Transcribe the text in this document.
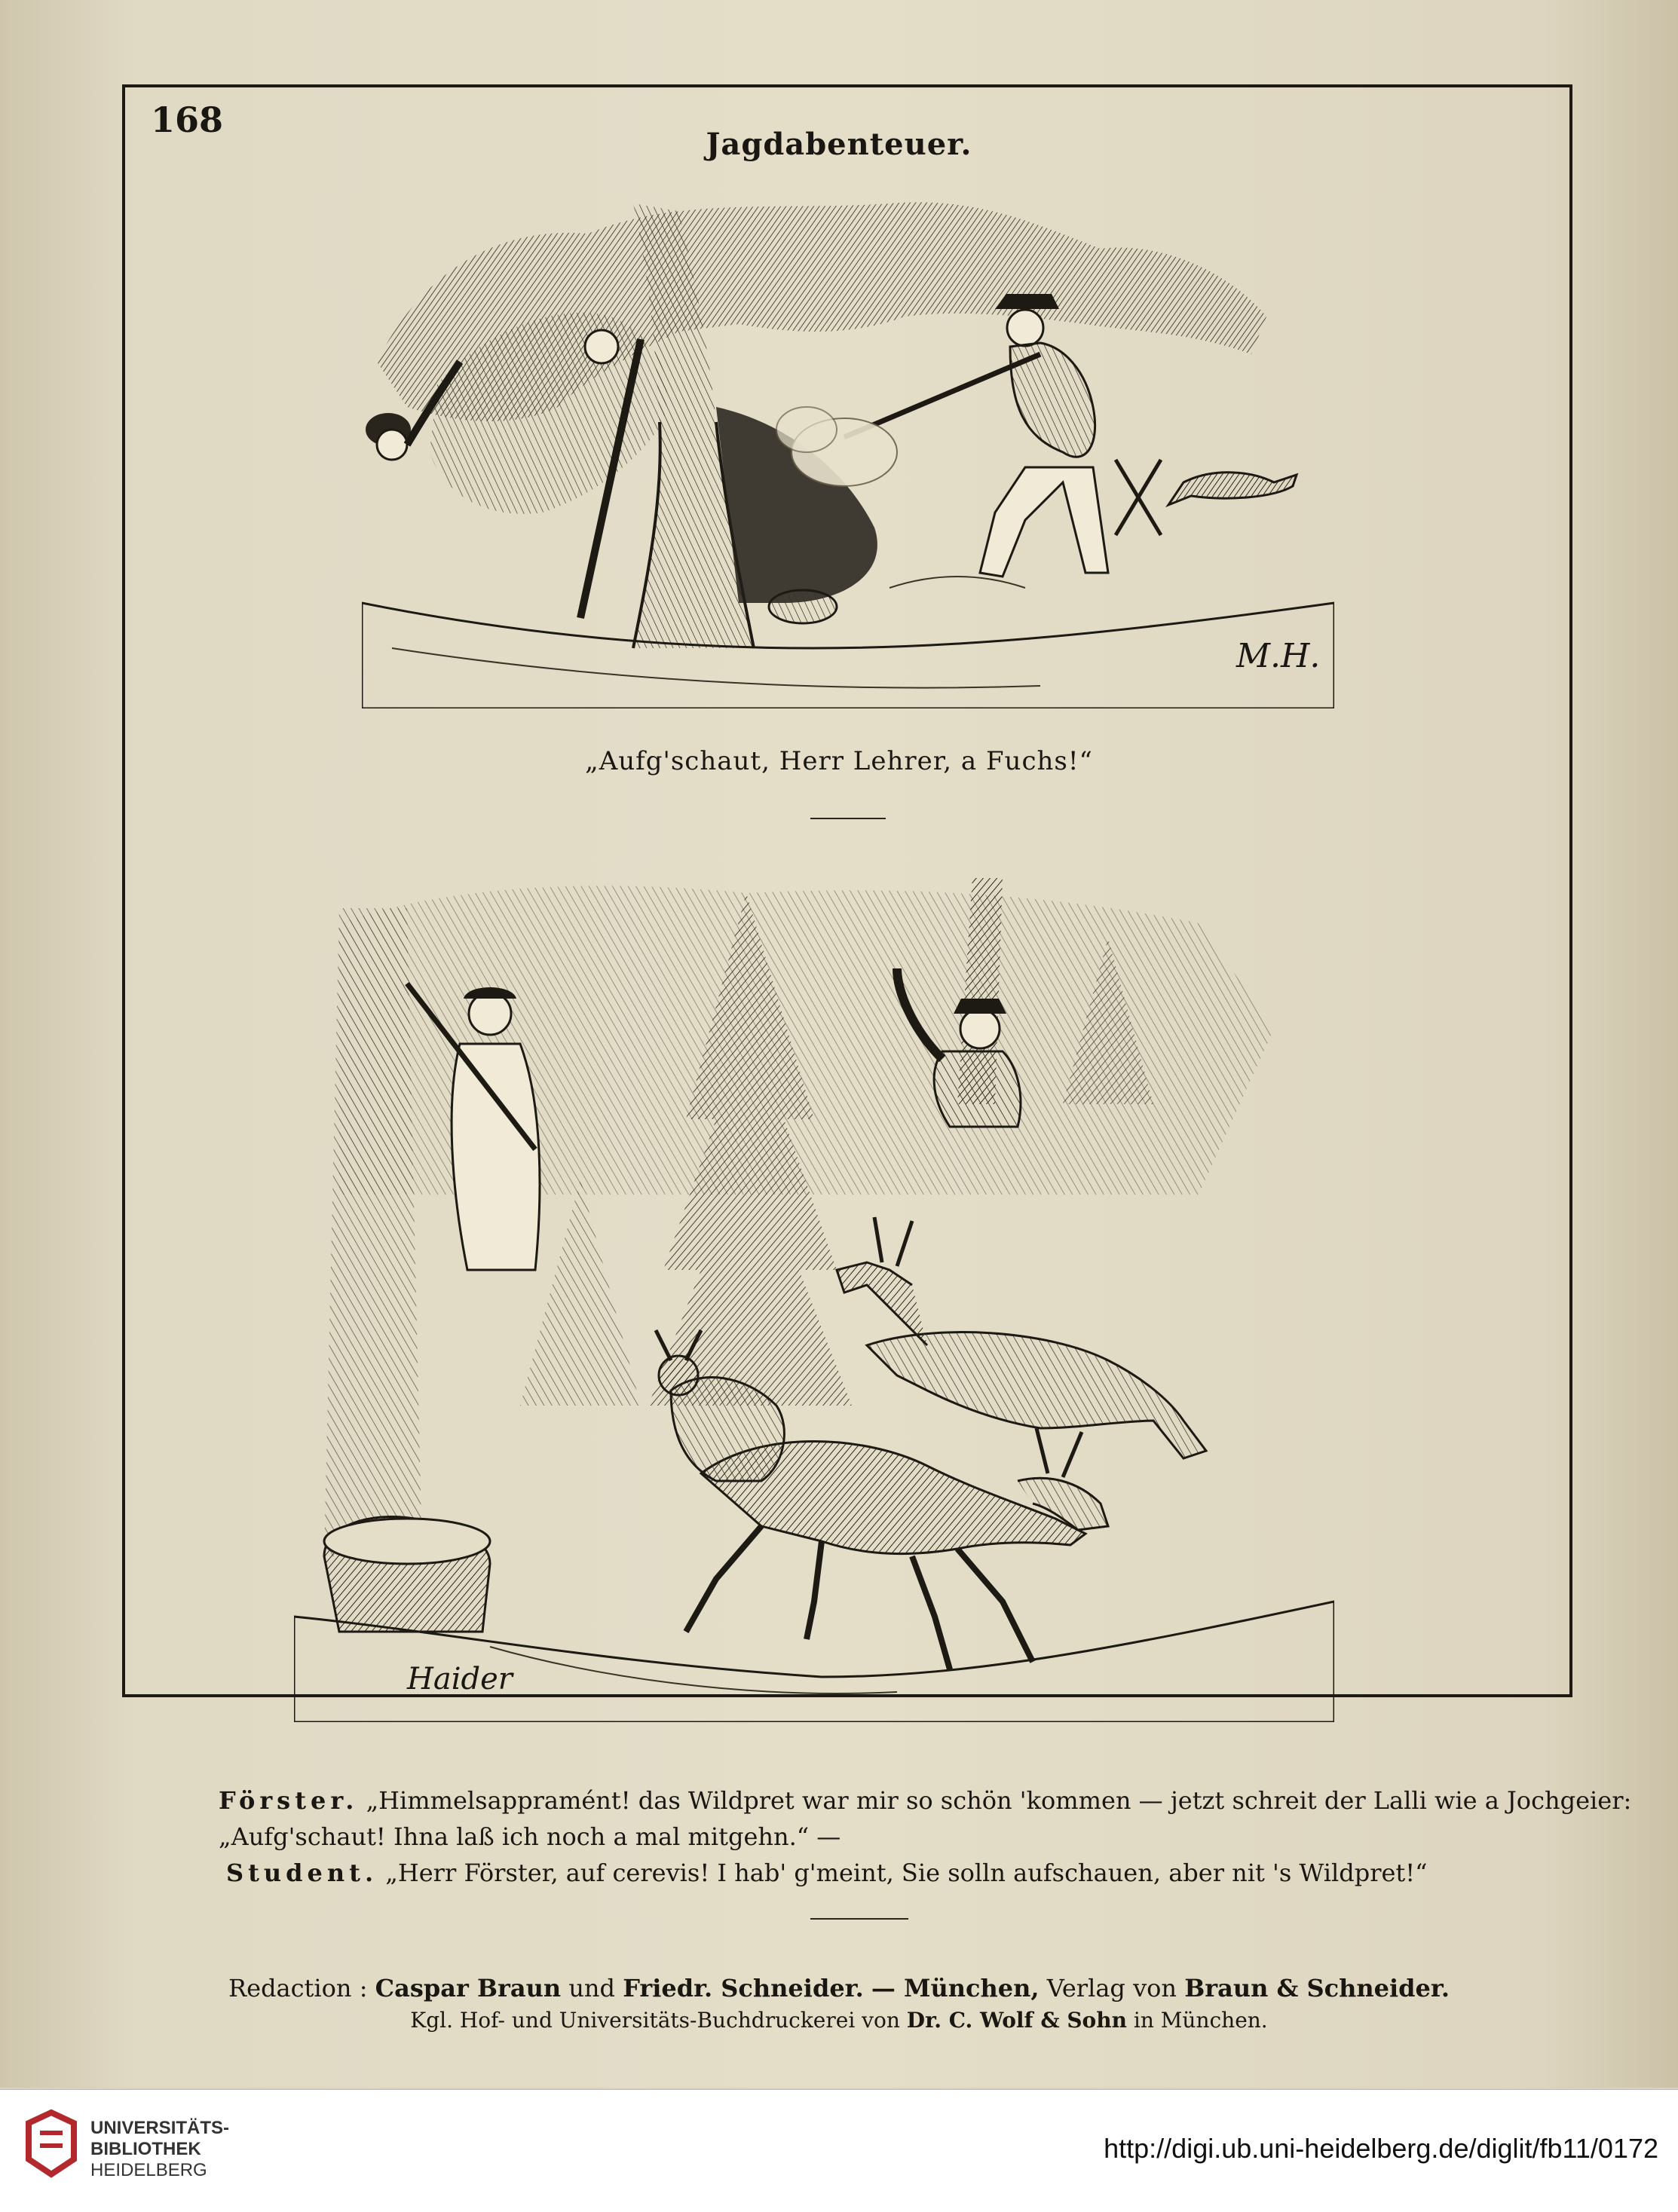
168
Jagdabenteuer.
M.H.
„Aufg'schaut, Herr Lehrer, a Fuchs!“
Haider
Förster. „Himmelsappramént! das Wildpret war mir so schön 'kommen — jetzt schreit der Lalli wie a Jochgeier:
„Aufg'schaut! Ihna laß ich noch a mal mitgehn.“ —
Student. „Herr Förster, auf cerevis! I hab' g'meint, Sie solln aufschauen, aber nit 's Wildpret!“
Redaction : Caspar Braun und Friedr. Schneider. — München, Verlag von Braun & Schneider.
Kgl. Hof- und Universitäts-Buchdruckerei von Dr. C. Wolf & Sohn in München.
UNIVERSITÄTS-
BIBLIOTHEK
HEIDELBERG
http://digi.ub.uni-heidelberg.de/diglit/fb11/0172
